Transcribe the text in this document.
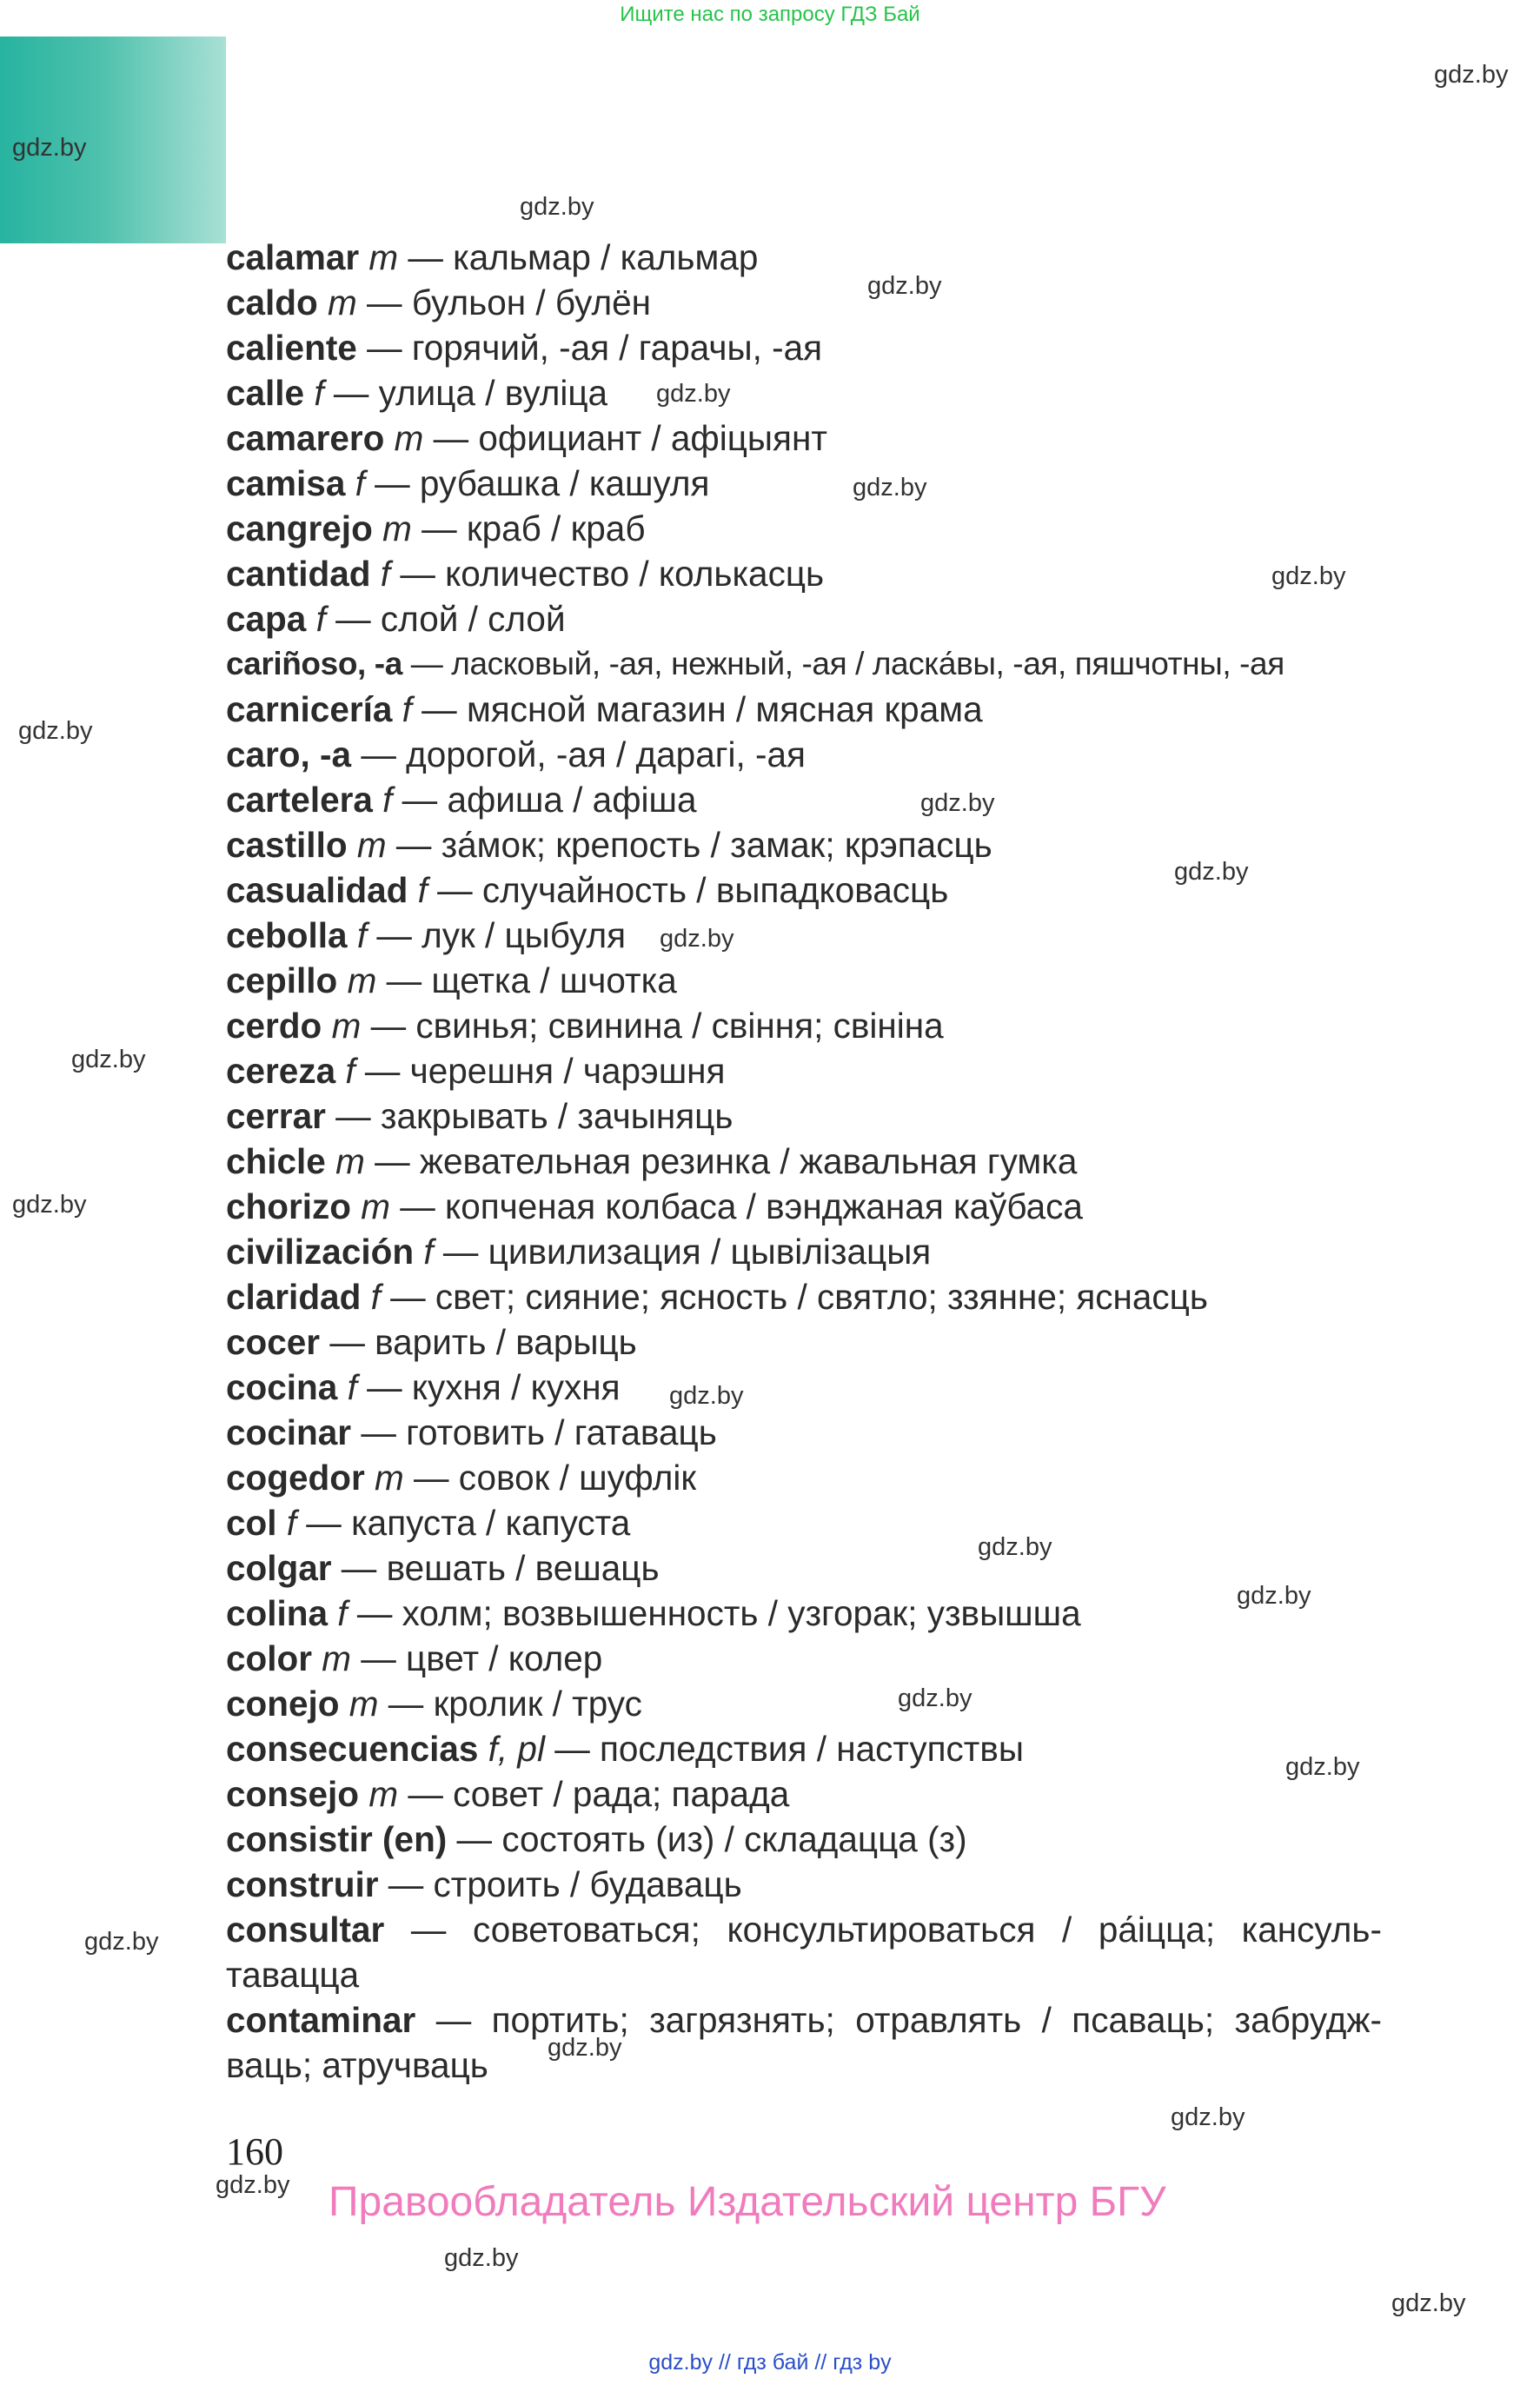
Ищите нас по запросу ГДЗ Бай
gdz.by
gdz.by
gdz.by
gdz.by
gdz.by
gdz.by
gdz.by
gdz.by
gdz.by
gdz.by
gdz.by
gdz.by
gdz.by
gdz.by
gdz.by
gdz.by
gdz.by
gdz.by
gdz.by
gdz.by
gdz.by
gdz.by
gdz.by
gdz.by
calamar m — кальмар / кальмар
caldo m — бульон / булён
caliente — горячий, -ая / гарачы, -ая
calle f — улица / вуліца
camarero m — официант / афіцыянт
camisa f — рубашка / кашуля
cangrejo m — краб / краб
cantidad f — количество / колькасць
capa f — слой / слой
cariñoso, -a — ласковый, -ая, нежный, -ая / ласка́вы, -ая, пяшчотны, -ая
carnicería f — мясной магазин / мясная крама
caro, -a — дорогой, -ая / дарагі, -ая
cartelera f — афиша / афіша
castillo m — за́мок; крепость / замак; крэпасць
casualidad f — случайность / выпадковасць
cebolla f — лук / цыбуля
cepillo m — щетка / шчотка
cerdo m — свинья; свинина / свіння; свініна
cereza f — черешня / чарэшня
cerrar — закрывать / зачыняць
chicle m — жевательная резинка / жавальная гумка
chorizo m — копченая колбаса / вэнджаная каўбаса
civilización f — цивилизация / цывілізацыя
claridad f — свет; сияние; ясность / святло; ззянне; яснасць
cocer — варить / варыць
cocina f — кухня / кухня
cocinar — готовить / гатаваць
cogedor m — совок / шуфлік
col f — капуста / капуста
colgar — вешать / вешаць
colina f — холм; возвышенность / узгорак; узвышша
color m — цвет / колер
conejo m — кролик / трус
consecuencias f, pl — последствия / наступствы
consejo m — совет / рада; парада
consistir (en) — состоять (из) / складацца (з)
construir — строить / будаваць
consultar — советоваться; консультироваться / ра́іцца; кансуль-таваццa
contaminar — портить; загрязнять; отравлять / псаваць; забрудж-ваць; атручваць
160
Правообладатель Издательский центр БГУ
gdz.by // гдз бай // гдз by
